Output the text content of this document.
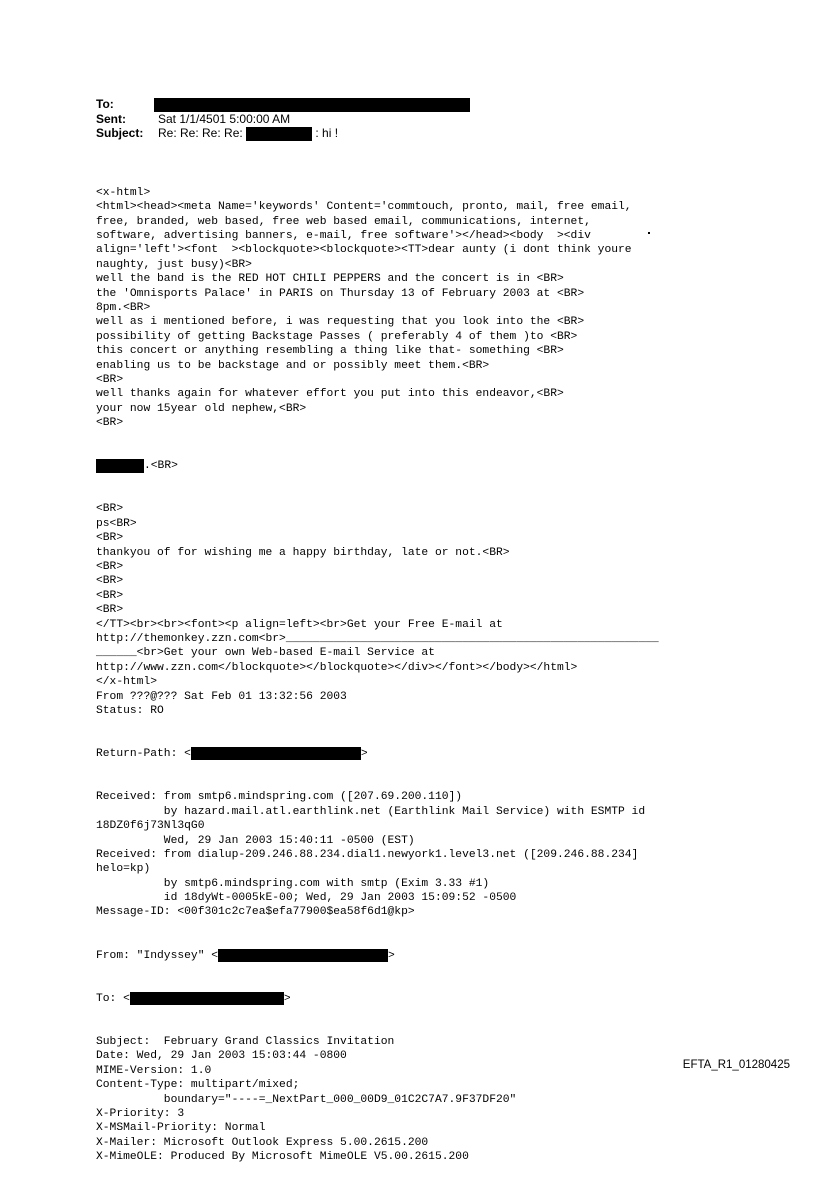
To:
Sent:	Sat 1/1/4501 5:00:00 AM
Subject: Re: Re: Re: Re:	: hi !

<x-html>
<html><head><meta Name='keywords' Content='commtouch, pronto, mail, free email,
free, branded, web based, free web based email, communications, internet,
software, advertising banners, e-mail, free software'></head><body  ><div
align='left'><font  ><blockquote><blockquote><TT>dear aunty (i dont think youre
naughty, just busy)<BR>
well the band is the RED HOT CHILI PEPPERS and the concert is in <BR>
the 'Omnisports Palace' in PARIS on Thursday 13 of February 2003 at <BR>
8pm.<BR>
well as i mentioned before, i was requesting that you look into the <BR>
possibility of getting Backstage Passes ( preferably 4 of them )to <BR>
this concert or anything resembling a thing like that- something <BR>
enabling us to be backstage and or possibly meet them.<BR>
<BR>
well thanks again for whatever effort you put into this endeavor,<BR>
your now 15year old nephew,<BR>
<BR>

.<BR>

<BR>
ps<BR>
<BR>
thankyou of for wishing me a happy birthday, late or not.<BR>
<BR>
<BR>
<BR>
<BR>
</TT><br><br><font><p align=left><br>Get your Free E-mail at
http://themonkey.zzn.com<br>_______________________________________________________
______<br>Get your own Web-based E-mail Service at
http://www.zzn.com</blockquote></blockquote></div></font></body></html>
</x-html>
From ???@??? Sat Feb 01 13:32:56 2003
Status: RO

Return-Path: <	>

Received: from smtp6.mindspring.com ([207.69.200.110])
by hazard.mail.atl.earthlink.net (Earthlink Mail Service) with ESMTP id
18DZ0f6j73Nl3qG0
Wed, 29 Jan 2003 15:40:11 -0500 (EST)
Received: from dialup-209.246.88.234.dial1.newyork1.level3.net ([209.246.88.234]
helo=kp)
by smtp6.mindspring.com with smtp (Exim 3.33 #1)
id 18dyWt-0005kE-00; Wed, 29 Jan 2003 15:09:52 -0500
Message-ID: <00f301c2c7ea$efa77900$ea58f6d1@kp>

From: "Indyssey" <	>

To: <	>

Subject:  February Grand Classics Invitation
Date: Wed, 29 Jan 2003 15:03:44 -0800
MIME-Version: 1.0
Content-Type: multipart/mixed;
boundary="----=_NextPart_000_00D9_01C2C7A7.9F37DF20"
X-Priority: 3
X-MSMail-Priority: Normal
X-Mailer: Microsoft Outlook Express 5.00.2615.200
X-MimeOLE: Produced By Microsoft MimeOLE V5.00.2615.200

EFTA_R1_01280425
